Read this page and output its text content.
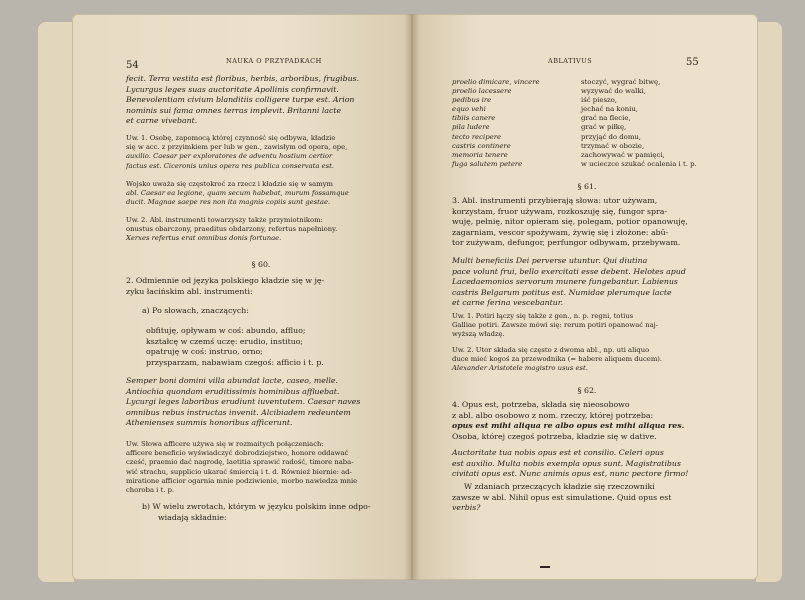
54	NAUKA O PRZYPADKACH
fecit. Terra vestita est floribus, herbis, arboribus, frugibus.
Lycurgus leges suas auctoritate Apollinis confirmavit.
Benevolentiam civium blanditiis colligere turpe est. Arion
nominis sui fama omnes terras implevit. Britanni lacte
et carne vivebant.
Uw. 1. Osobę, zapomocą której czynność się odbywa, kładzie
się w acc. z przyimkiem per lub w gen., zawisłym od opera, ope,
auxilio. Caesar per exploratores de adventu hostium certior
factus est. Ciceronis unius opera res publica conservata est.
Wojsko uważa się częstokroć za rzecz i kładzie się w samym
abl. Caesar ea legione, quam secum habebat, murum fossamque
ducit. Magnae saepe res non ita magnis copiis sunt gestae.
Uw. 2. Abl. instrumenti towarzyszy także przymiotnikom:
onustus obarczony, praeditus obdarzony, refertus napełniony.
Xerxes refertus erat omnibus donis fortunae.
§ 60.
2. Odmiennie od języka polskiego kładzie się w ję-
zyku łacińskim abl. instrumenti:
a) Po słowach, znaczących:
obfituję, opływam w coś: abundo, affluo;
kształcę w czemś uczę: erudio, instituo;
opatruję w coś: instruo, orno;
przysparzam, nabawiam czegoś: afficio i t. p.
Semper boni domini villa abundat lacte, caseo, melle.
Antiochia quondam eruditissimis hominibus affluebat.
Lycurgi leges laboribus erudiunt iuventutem. Caesar naves
omnibus rebus instructas invenit. Alcibiadem redeuntem
Athenienses summis honoribus afficerunt.
Uw. Słowa afficere używa się w rozmaitych połączeniach:
afficere beneficio wyświadczyć dobrodziejstwo, honore oddawać
cześć, praemio dać nagrodę, laetitia sprawić radość, timore naba-
wić strachu, supplicio ukarać śmiercią i t. d. Równieź biernie: ad-
miratione afficior ogarnia mnie podziwienie, morbo nawiedza mnie
choroba i t. p.
b) W wielu zwrotach, którym w języku polskim inne odpo-
wiadają składnie:
ABLATIVUS	55
proelio dimicare, vincere	stoczyć, wygrać bitwę,
proelio lacessere	wyzywać do walki,
pedibus ire	iść pieszo,
equo vehi	jechać na koniu,
tibiis canere	grać na flecie,
pila ludere	grać w piłkę,
tecto recipere	przyjąć do domu,
castris continere	trzymać w obozie,
memoria tenere	zachowywać w pamięci,
fuga salutem petere	w ucieczce szukać ocalenia i t. p.
§ 61.
3. Abl. instrumenti przybierają słowa: utor używam,
korzystam, fruor używam, rozkoszuję się, fungor spra-
wuję, pełnię, nitor opieram się, polegam, potior opanowuję,
zagarniam, vescor spożywam, żywię się i złożone: abū-
tor zużywam, defungor, perfungor odbywam, przebywam.
Multi beneficiis Dei perverse utuntur. Qui diutina
pace volunt frui, bello exercitati esse debent. Helotes apud
Lacedaemonios servorum munere fungebantur. Labienus
castris Belgarum potitus est. Numidae plerumque lacte
et carne ferina vescebantur.
Uw. 1. Potiri łączy się także z gen., n. p. regni, totius
Galliae potiri. Zawsze mówi się: rerum potiri opanować naj-
wyższą władzę.
Uw. 2. Utor składa się często z dwoma abl., np. uti aliquo
duce mieć kogoś za przewodnika (= habere aliquem ducem).
Alexander Aristotele magistro usus est.
§ 62.
4. Opus est, potrzeba, składa się nieosobowo
z abl. albo osobowo z nom. rzeczy, której potrzeba:
opus est mihi aliqua re albo opus est mihi aliqua res.
Osoba, której czegoś potrzeba, kładzie się w dative.
Auctoritate tua nobis opus est et consilio. Celeri opus
est auxilio. Multa nobis exempla opus sunt. Magistratibus
civitati opus est. Nunc animis opus est, nunc pectore firmo!
W zdaniach przeczących kładzie się rzeczowniki
zawsze w abl. Nihil opus est simulatione. Quid opus est
verbis?
